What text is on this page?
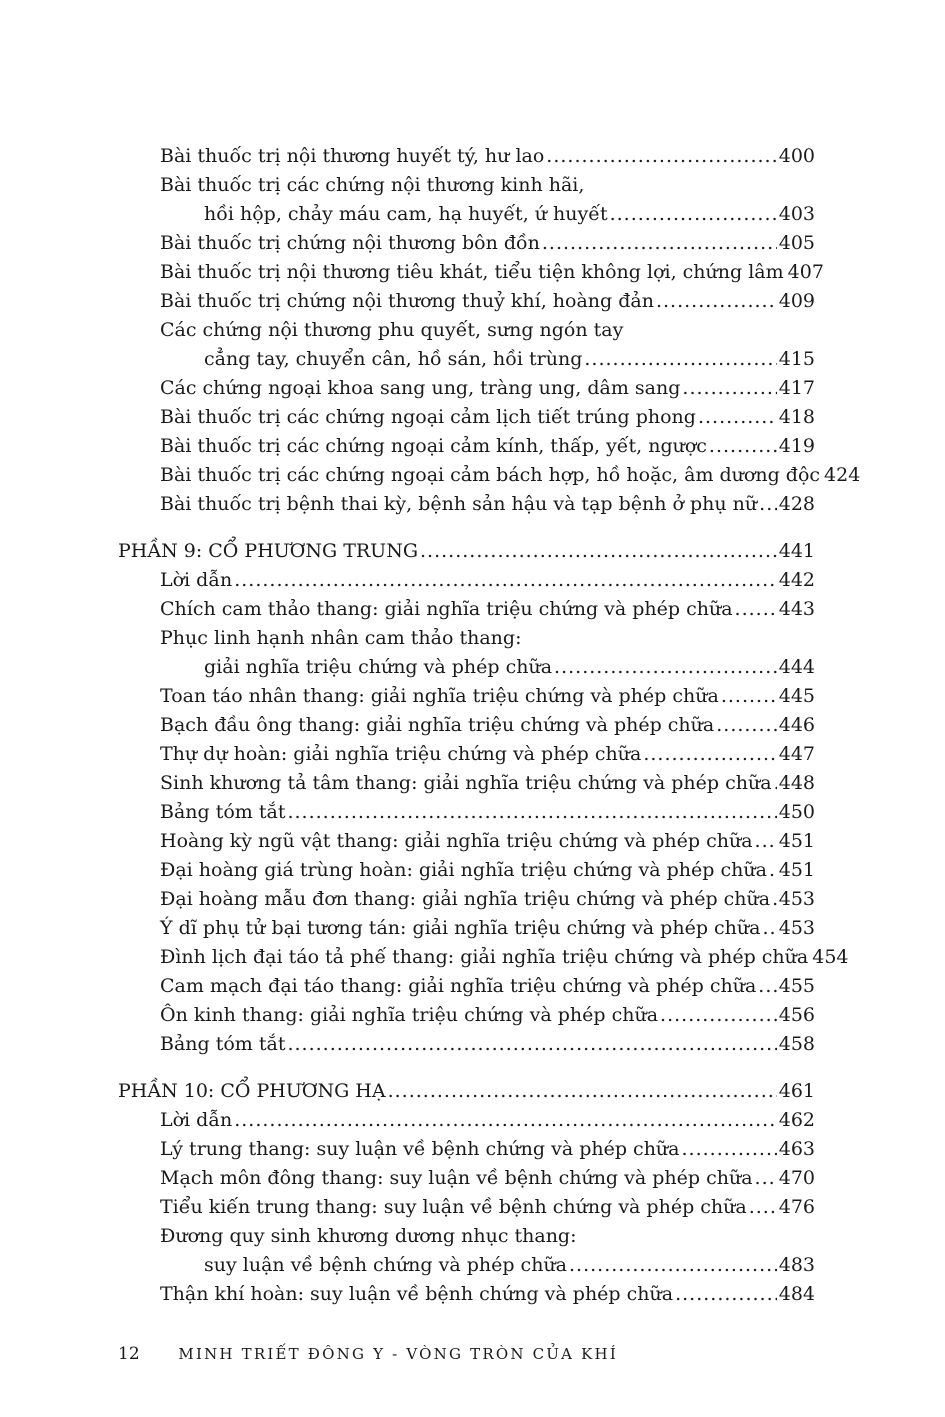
Bài thuốc trị nội thương huyết tý, hư lao .....	400
Bài thuốc trị các chứng nội thương kinh hãi,
hồi hộp, chảy máu cam, hạ huyết, ứ huyết .....	403
Bài thuốc trị chứng nội thương bôn đồn .....	405
Bài thuốc trị nội thương tiêu khát, tiểu tiện không lợi, chứng lâm 407
Bài thuốc trị chứng nội thương thuỷ khí, hoàng đản .....	409
Các chứng nội thương phu quyết, sưng ngón tay
cẳng tay, chuyển cân, hồ sán, hồi trùng .....	415
Các chứng ngoại khoa sang ung, tràng ung, dâm sang .....	417
Bài thuốc trị các chứng ngoại cảm lịch tiết trúng phong .....	418
Bài thuốc trị các chứng ngoại cảm kính, thấp, yết, ngược .....	419
Bài thuốc trị các chứng ngoại cảm bách hợp, hồ hoặc, âm dương độc 424
Bài thuốc trị bệnh thai kỳ, bệnh sản hậu và tạp bệnh ở phụ nữ ..... 428
PHẦN 9: CỔ PHƯƠNG TRUNG .....	441
Lời dẫn .....	442
Chích cam thảo thang: giải nghĩa triệu chứng và phép chữa ..... 443
Phục linh hạnh nhân cam thảo thang:
giải nghĩa triệu chứng và phép chữa .....	444
Toan táo nhân thang: giải nghĩa triệu chứng và phép chữa .....	445
Bạch đầu ông thang: giải nghĩa triệu chứng và phép chữa .....	446
Thự dự hoàn: giải nghĩa triệu chứng và phép chữa .....	447
Sinh khương tả tâm thang: giải nghĩa triệu chứng và phép chữa ..... 448
Bảng tóm tắt .....	450
Hoàng kỳ ngũ vật thang: giải nghĩa triệu chứng và phép chữa ..... 451
Đại hoàng giá trùng hoàn: giải nghĩa triệu chứng và phép chữa ..... 451
Đại hoàng mẫu đơn thang: giải nghĩa triệu chứng và phép chữa ..... 453
Ý dĩ phụ tử bại tương tán: giải nghĩa triệu chứng và phép chữa ..... 453
Đình lịch đại táo tả phế thang: giải nghĩa triệu chứng và phép chữa 454
Cam mạch đại táo thang: giải nghĩa triệu chứng và phép chữa ..... 455
Ôn kinh thang: giải nghĩa triệu chứng và phép chữa .....	456
Bảng tóm tắt .....	458
PHẦN 10: CỔ PHƯƠNG HẠ .....	461
Lời dẫn .....	462
Lý trung thang: suy luận về bệnh chứng và phép chữa .....	463
Mạch môn đông thang: suy luận về bệnh chứng và phép chữa ..... 470
Tiểu kiến trung thang: suy luận về bệnh chứng và phép chữa ..... 476
Đương quy sinh khương dương nhục thang:
suy luận về bệnh chứng và phép chữa .....	483
Thận khí hoàn: suy luận về bệnh chứng và phép chữa .....	484
12	MINH TRIẾT ĐÔNG Y - VÒNG TRÒN CỦA KHÍ
